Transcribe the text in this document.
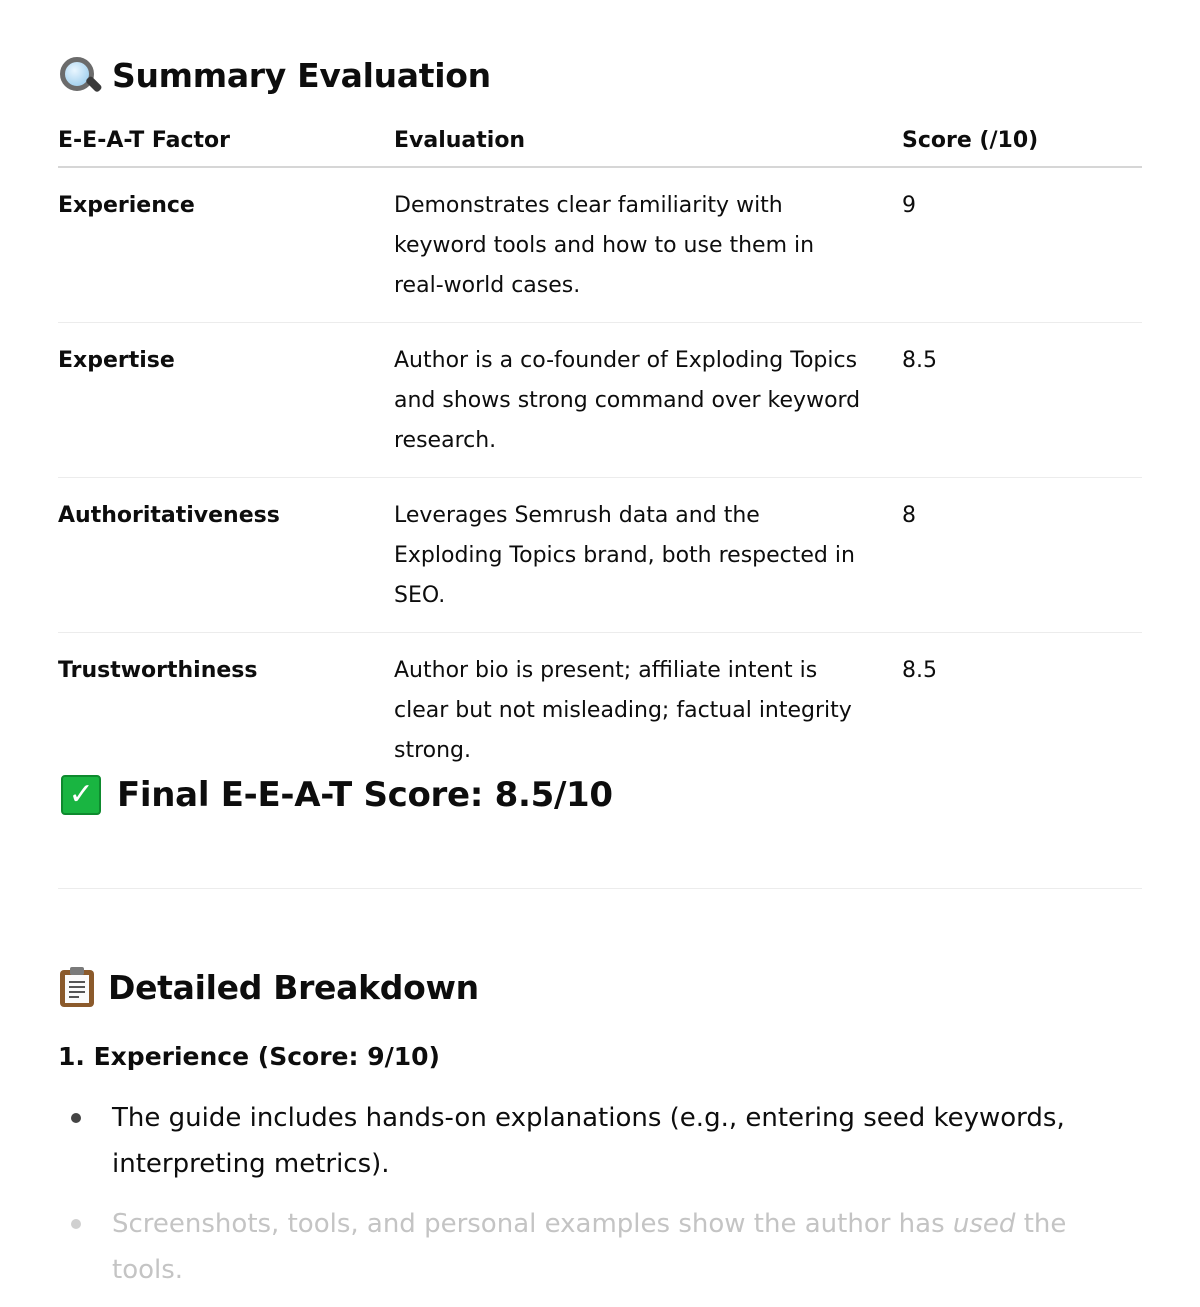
Summary Evaluation
E-E-A-T Factor	Evaluation	Score (/10)

Experience	Demonstrates clear familiarity with keyword tools and how to use them in real-world cases.	9

Expertise	Author is a co-founder of Exploding Topics and shows strong command over keyword research.	8.5

Authoritativeness	Leverages Semrush data and the Exploding Topics brand, both respected in SEO.	8

Trustworthiness	Author bio is present; affiliate intent is clear but not misleading; factual integrity strong.	8.5
✓ Final E-E-A-T Score: 8.5/10
Detailed Breakdown
1. Experience (Score: 9/10)
The guide includes hands-on explanations (e.g., entering seed keywords, interpreting metrics).
Screenshots, tools, and personal examples show the author has used the tools.
